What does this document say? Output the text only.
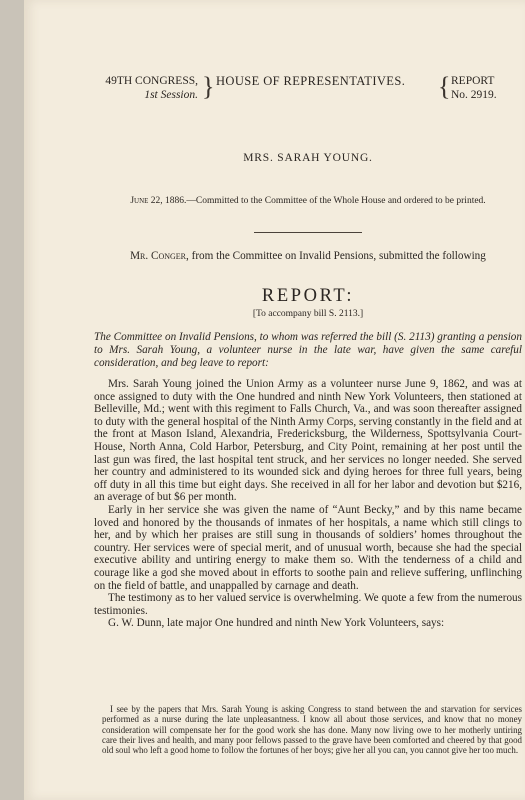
49TH CONGRESS,
1st Session. } HOUSE OF REPRESENTATIVES. { REPORT
No. 2919.
MRS. SARAH YOUNG.
June 22, 1886.—Committed to the Committee of the Whole House and ordered to be printed.
Mr. Conger, from the Committee on Invalid Pensions, submitted the following
REPORT:
[To accompany bill S. 2113.]
The Committee on Invalid Pensions, to whom was referred the bill (S. 2113) granting a pension to Mrs. Sarah Young, a volunteer nurse in the late war, have given the same careful consideration, and beg leave to report:

Mrs. Sarah Young joined the Union Army as a volunteer nurse June 9, 1862, and was at once assigned to duty with the One hundred and ninth New York Volunteers, then stationed at Belleville, Md.; went with this regiment to Falls Church, Va., and was soon thereafter assigned to duty with the general hospital of the Ninth Army Corps, serving constantly in the field and at the front at Mason Island, Alexandria, Fredericksburg, the Wilderness, Spottsylvania Court-House, North Anna, Cold Harbor, Petersburg, and City Point, remaining at her post until the last gun was fired, the last hospital tent struck, and her services no longer needed. She served her country and administered to its wounded sick and dying heroes for three full years, being off duty in all this time but eight days. She received in all for her labor and devotion but $216, an average of but $6 per month.

Early in her service she was given the name of “Aunt Becky,” and by this name became loved and honored by the thousands of inmates of her hospitals, a name which still clings to her, and by which her praises are still sung in thousands of soldiers’ homes throughout the country. Her services were of special merit, and of unusual worth, because she had the special executive ability and untiring energy to make them so. With the tenderness of a child and courage like a god she moved about in efforts to soothe pain and relieve suffering, unflinching on the field of battle, and unappalled by carnage and death.

The testimony as to her valued service is overwhelming. We quote a few from the numerous testimonies.

G. W. Dunn, late major One hundred and ninth New York Volunteers, says:

I see by the papers that Mrs. Sarah Young is asking Congress to stand between the and starvation for services performed as a nurse during the late unpleasantness. I know all about those services, and know that no money consideration will compensate her for the good work she has done. Many now living owe to her motherly untiring care their lives and health, and many poor fellows passed to the grave have been comforted and cheered by that good old soul who left a good home to follow the fortunes of her boys; give her all you can, you cannot give her too much.
